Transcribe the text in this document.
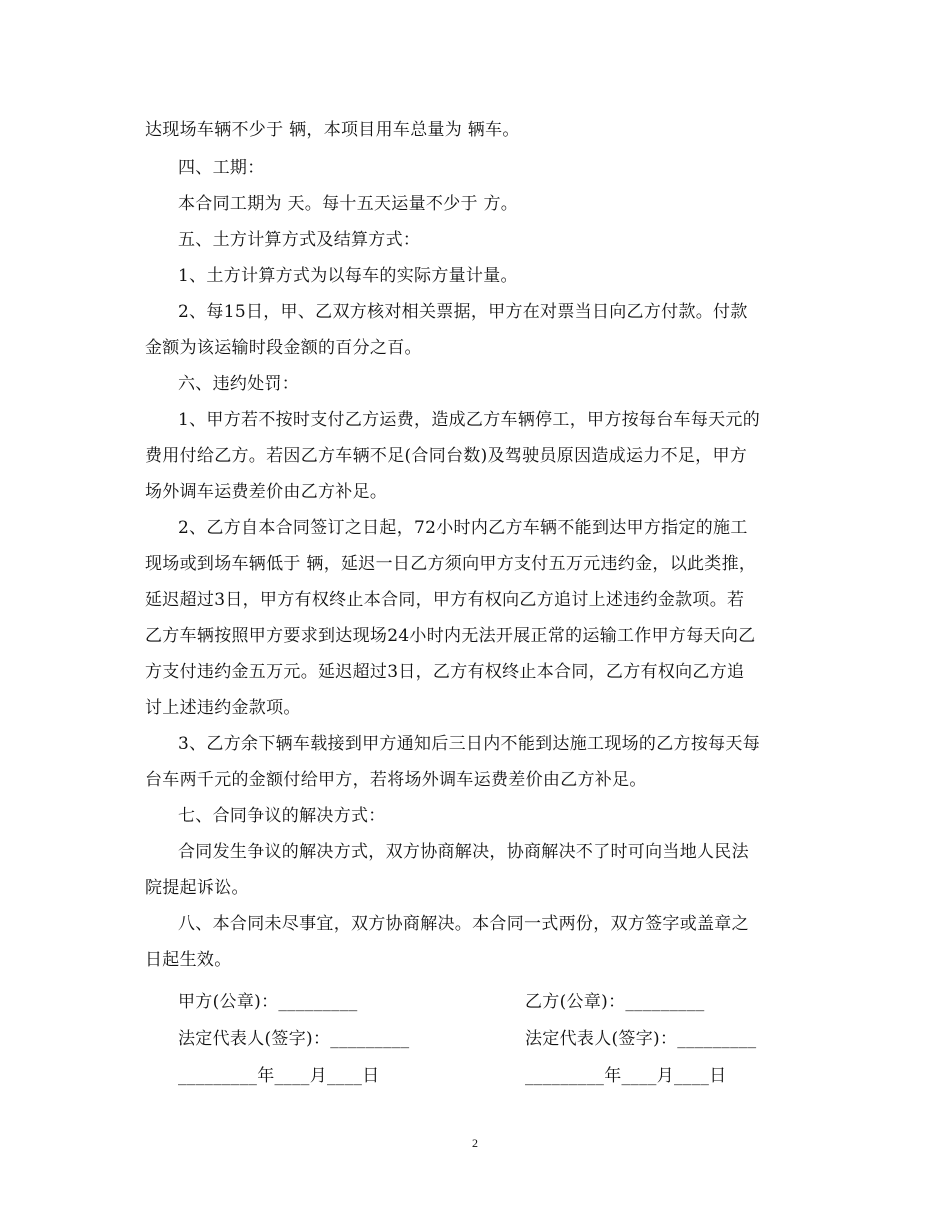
达现场车辆不少于 辆，本项目用车总量为 辆车。
四、工期：
本合同工期为 天。每十五天运量不少于 方。
五、土方计算方式及结算方式：
1、土方计算方式为以每车的实际方量计量。
2、每15日，甲、乙双方核对相关票据，甲方在对票当日向乙方付款。付款
金额为该运输时段金额的百分之百。
六、违约处罚：
1、甲方若不按时支付乙方运费，造成乙方车辆停工，甲方按每台车每天元的
费用付给乙方。若因乙方车辆不足(合同台数)及驾驶员原因造成运力不足，甲方
场外调车运费差价由乙方补足。
2、乙方自本合同签订之日起，72小时内乙方车辆不能到达甲方指定的施工
现场或到场车辆低于 辆，延迟一日乙方须向甲方支付五万元违约金，以此类推，
延迟超过3日，甲方有权终止本合同，甲方有权向乙方追讨上述违约金款项。若
乙方车辆按照甲方要求到达现场24小时内无法开展正常的运输工作甲方每天向乙
方支付违约金五万元。延迟超过3日，乙方有权终止本合同，乙方有权向乙方追
讨上述违约金款项。
3、乙方余下辆车载接到甲方通知后三日内不能到达施工现场的乙方按每天每
台车两千元的金额付给甲方，若将场外调车运费差价由乙方补足。
七、合同争议的解决方式：
合同发生争议的解决方式，双方协商解决，协商解决不了时可向当地人民法
院提起诉讼。
八、本合同未尽事宜，双方协商解决。本合同一式两份，双方签字或盖章之
日起生效。
甲方(公章)：_________	乙方(公章)：_________
法定代表人(签字)：_________	法定代表人(签字)：_________
_________年____月____日	_________年____月____日
2
